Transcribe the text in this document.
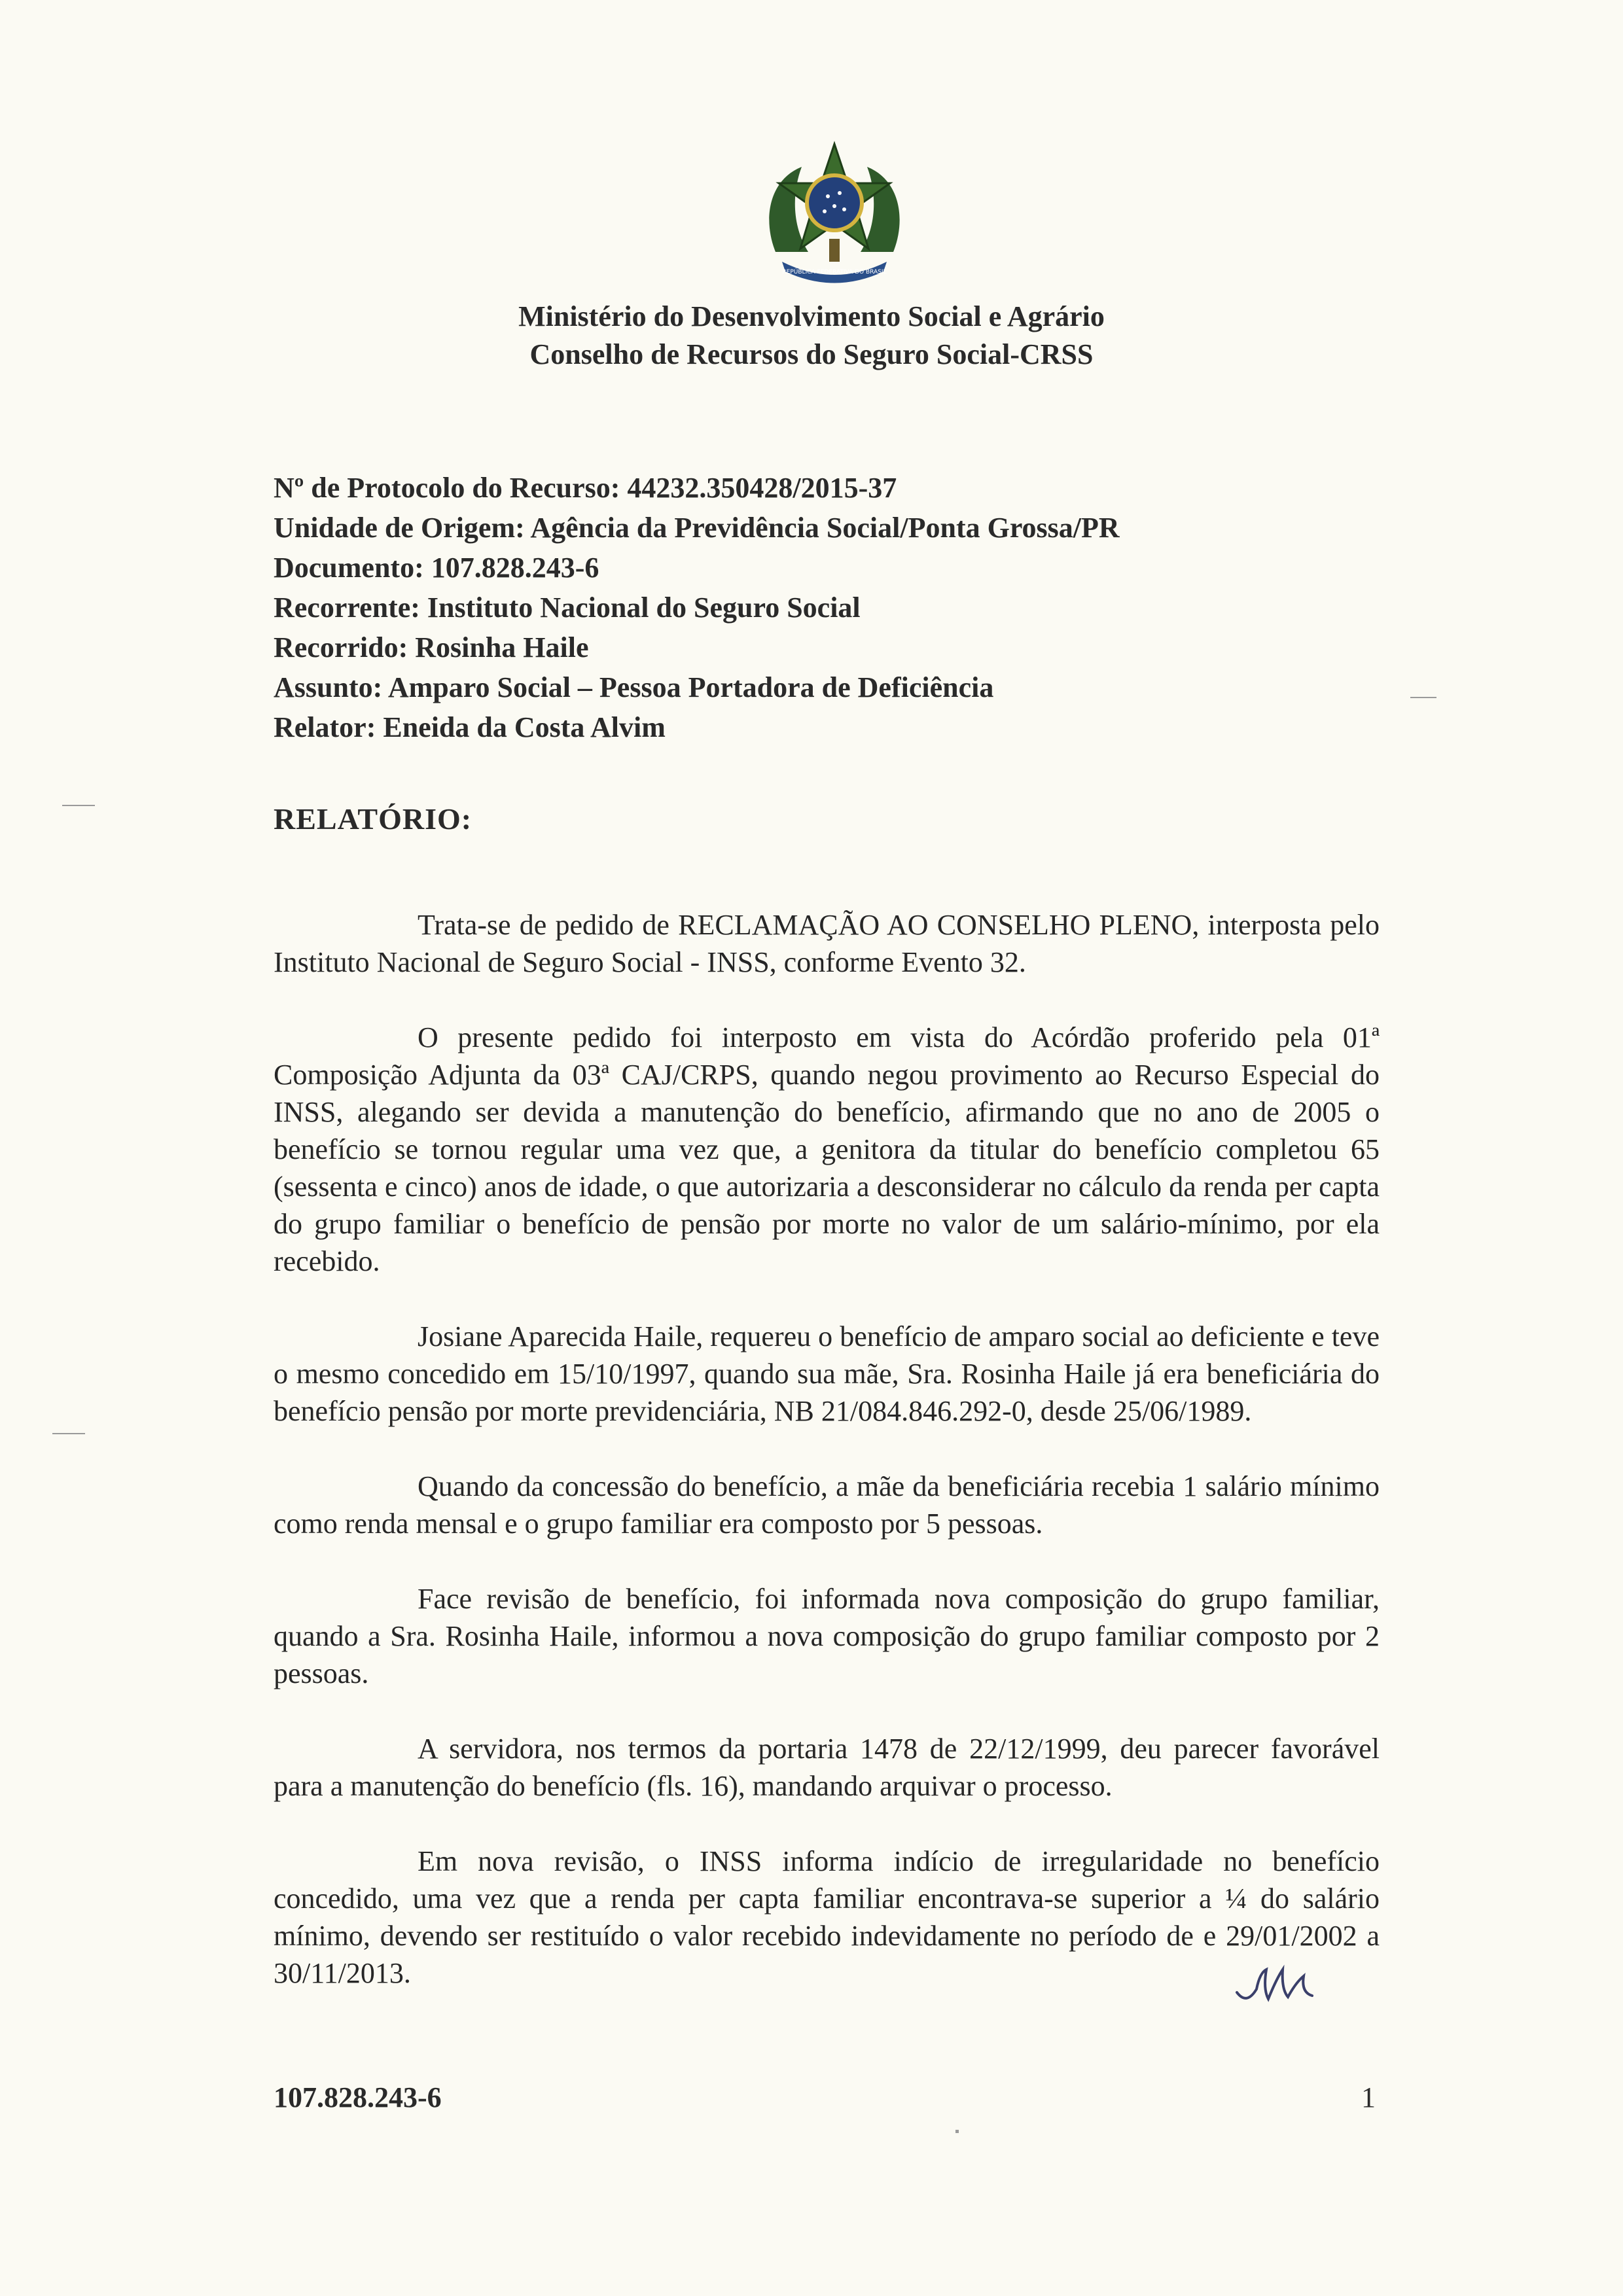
REPÚBLICA FEDERATIVA DO BRASIL
Ministério do Desenvolvimento Social e Agrário
Conselho de Recursos do Seguro Social-CRSS
Nº de Protocolo do Recurso: 44232.350428/2015-37
Unidade de Origem: Agência da Previdência Social/Ponta Grossa/PR
Documento: 107.828.243-6
Recorrente: Instituto Nacional do Seguro Social
Recorrido: Rosinha Haile
Assunto: Amparo Social – Pessoa Portadora de Deficiência
Relator: Eneida da Costa Alvim
RELATÓRIO:

Trata-se de pedido de RECLAMAÇÃO AO CONSELHO PLENO, interposta pelo Instituto Nacional de Seguro Social - INSS, conforme Evento 32.

O presente pedido foi interposto em vista do Acórdão proferido pela 01ª Composição Adjunta da 03ª CAJ/CRPS, quando negou provimento ao Recurso Especial do INSS, alegando ser devida a manutenção do benefício, afirmando que no ano de 2005 o benefício se tornou regular uma vez que, a genitora da titular do benefício completou 65 (sessenta e cinco) anos de idade, o que autorizaria a desconsiderar no cálculo da renda per capta do grupo familiar o benefício de pensão por morte no valor de um salário-mínimo, por ela recebido.

Josiane Aparecida Haile, requereu o benefício de amparo social ao deficiente e teve o mesmo concedido em 15/10/1997, quando sua mãe, Sra. Rosinha Haile já era beneficiária do benefício pensão por morte previdenciária, NB 21/084.846.292-0, desde 25/06/1989.

Quando da concessão do benefício, a mãe da beneficiária recebia 1 salário mínimo como renda mensal e o grupo familiar era composto por 5 pessoas.

Face revisão de benefício, foi informada nova composição do grupo familiar, quando a Sra. Rosinha Haile, informou a nova composição do grupo familiar composto por 2 pessoas.

A servidora, nos termos da portaria 1478 de 22/12/1999, deu parecer favorável para a manutenção do benefício (fls. 16), mandando arquivar o processo.

Em nova revisão, o INSS informa indício de irregularidade no benefício concedido, uma vez que a renda per capta familiar encontrava-se superior a ¼ do salário mínimo, devendo ser restituído o valor recebido indevidamente no período de e 29/01/2002 a 30/11/2013.

107.828.243-6	1
